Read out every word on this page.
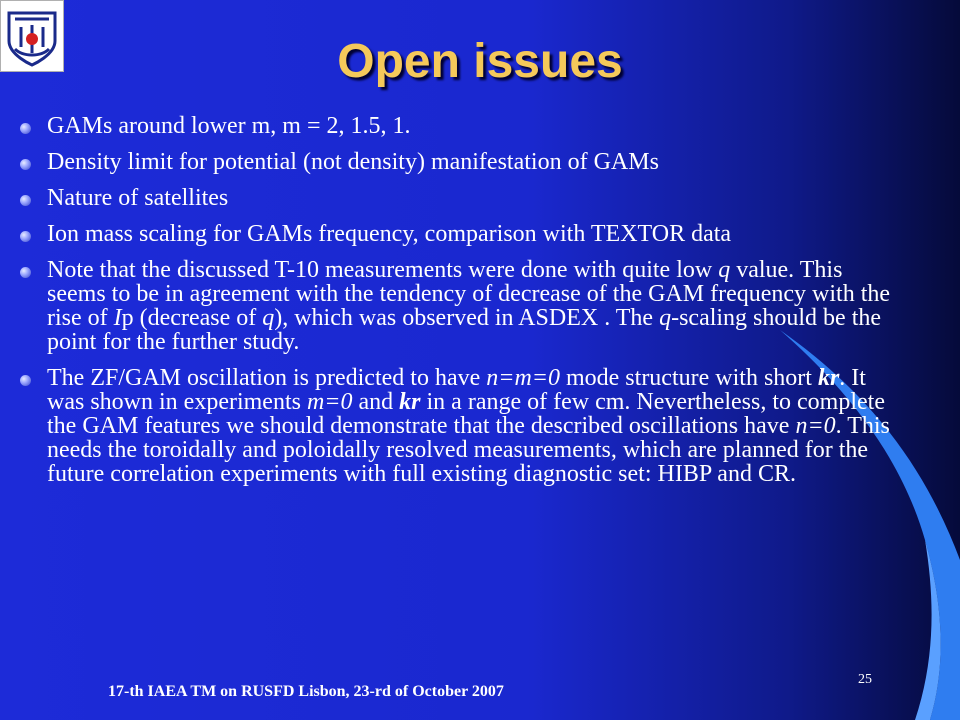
Open issues
GAMs around lower m, m = 2, 1.5, 1.
Density limit for potential (not density) manifestation of GAMs
Nature of satellites
Ion mass scaling for GAMs frequency, comparison with TEXTOR data
Note that the discussed T-10 measurements were done with quite low q value. This seems to be in agreement with the tendency of decrease of the GAM frequency with the rise of Ip (decrease of q), which was observed in ASDEX . The q-scaling should be the point for the further study.
The ZF/GAM oscillation is predicted to have n=m=0 mode structure with short kr. It was shown in experiments m=0 and kr in a range of few cm. Nevertheless, to complete the GAM features we should demonstrate that the described oscillations have n=0. This needs the toroidally and poloidally resolved measurements, which are planned for the future correlation experiments with full existing diagnostic set: HIBP and CR.
17-th IAEA TM on RUSFD Lisbon, 23-rd of October 2007
25
